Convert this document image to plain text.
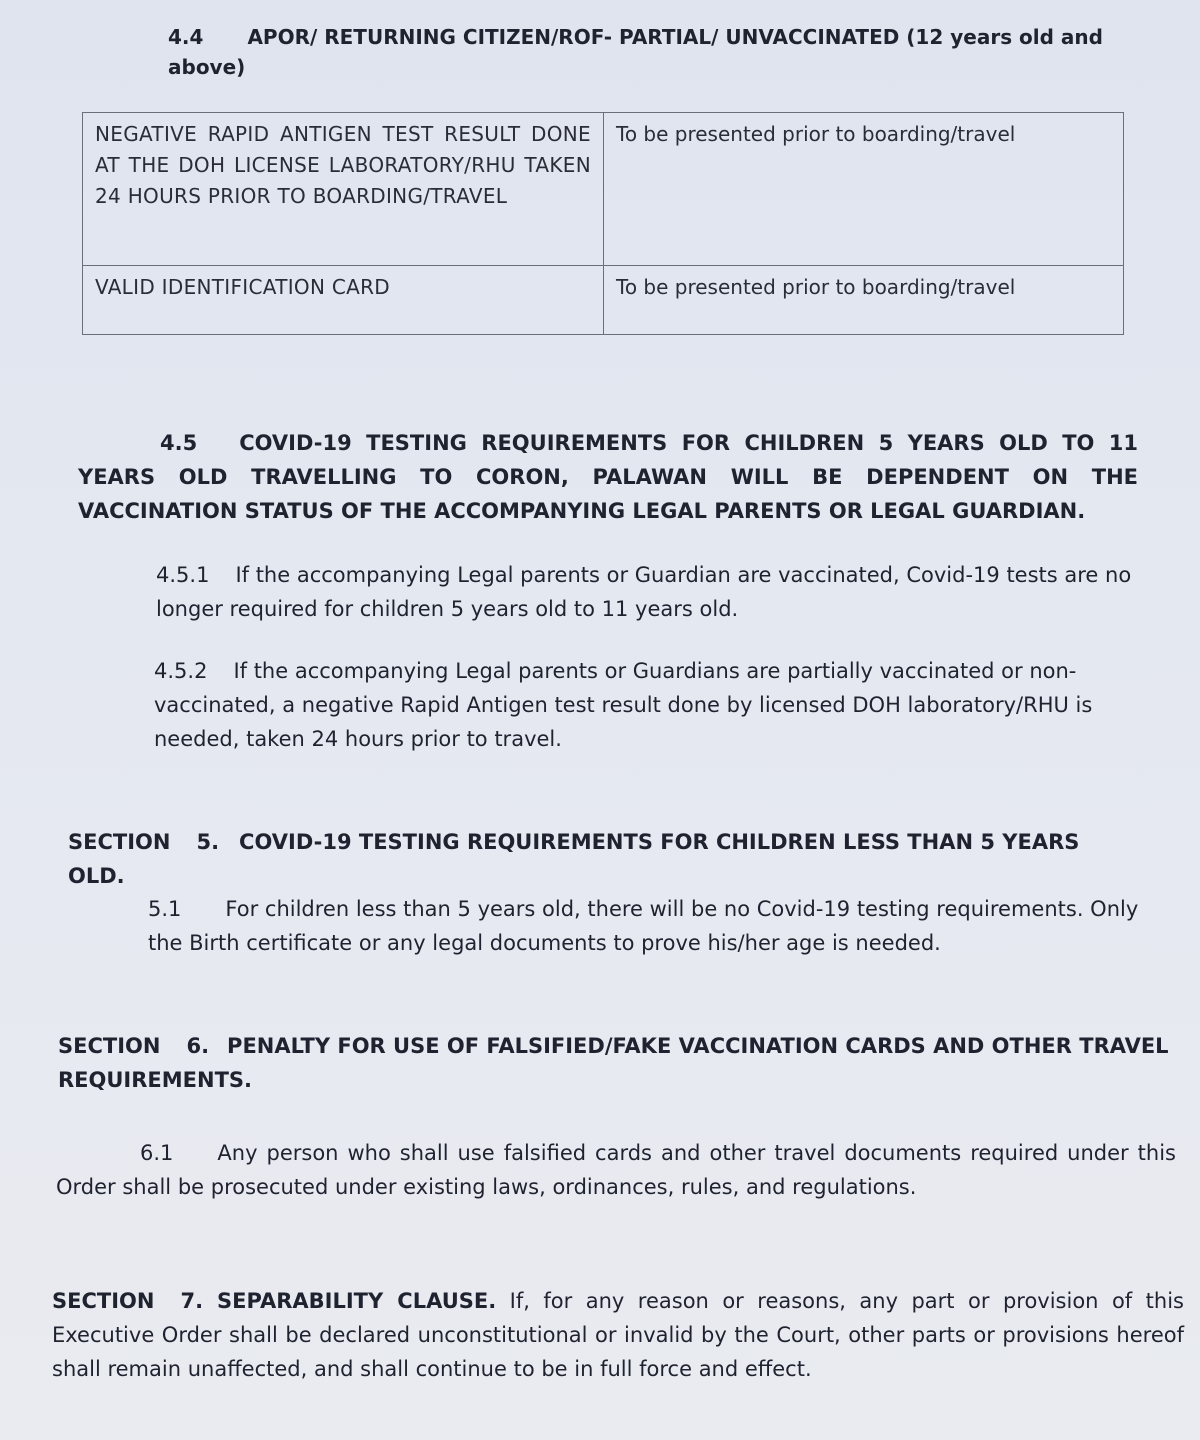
4.4 APOR/ RETURNING CITIZEN/ROF- PARTIAL/ UNVACCINATED (12 years old and above)
NEGATIVE RAPID ANTIGEN TEST RESULT DONE AT THE DOH LICENSE LABORATORY/RHU TAKEN 24 HOURS PRIOR TO BOARDING/TRAVEL	To be presented prior to boarding/travel
VALID IDENTIFICATION CARD	To be presented prior to boarding/travel
4.5 COVID-19 TESTING REQUIREMENTS FOR CHILDREN 5 YEARS OLD TO 11 YEARS OLD TRAVELLING TO CORON, PALAWAN WILL BE DEPENDENT ON THE VACCINATION STATUS OF THE ACCOMPANYING LEGAL PARENTS OR LEGAL GUARDIAN.
4.5.1 If the accompanying Legal parents or Guardian are vaccinated, Covid-19 tests are no longer required for children 5 years old to 11 years old.
4.5.2 If the accompanying Legal parents or Guardians are partially vaccinated or non-vaccinated, a negative Rapid Antigen test result done by licensed DOH laboratory/RHU is needed, taken 24 hours prior to travel.
SECTION 5. COVID-19 TESTING REQUIREMENTS FOR CHILDREN LESS THAN 5 YEARS OLD.
5.1 For children less than 5 years old, there will be no Covid-19 testing requirements. Only the Birth certificate or any legal documents to prove his/her age is needed.
SECTION 6. PENALTY FOR USE OF FALSIFIED/FAKE VACCINATION CARDS AND OTHER TRAVEL REQUIREMENTS.
6.1 Any person who shall use falsified cards and other travel documents required under this Order shall be prosecuted under existing laws, ordinances, rules, and regulations.
SECTION 7. SEPARABILITY CLAUSE. If, for any reason or reasons, any part or provision of this Executive Order shall be declared unconstitutional or invalid by the Court, other parts or provisions hereof shall remain unaffected, and shall continue to be in full force and effect.
